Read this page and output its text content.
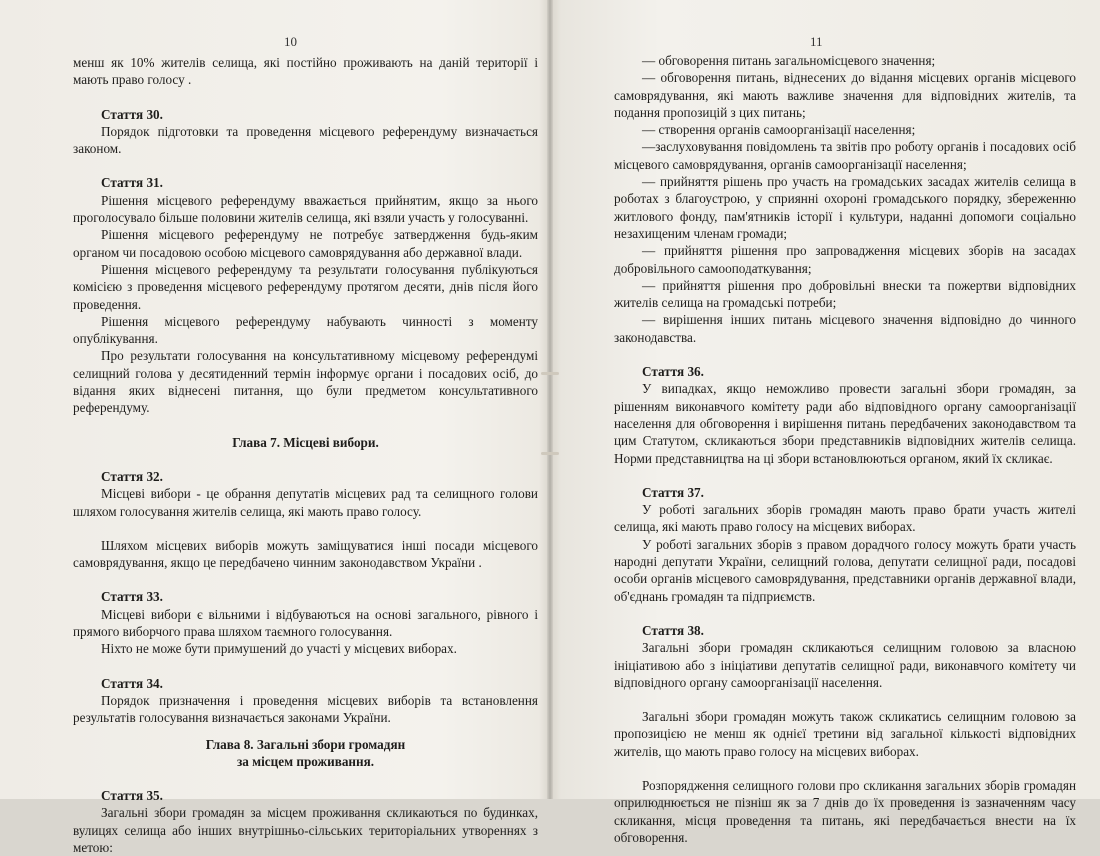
10

менш як 10% жителів селища, які постійно проживають на даній території і мають право голосу .

Стаття 30.

Порядок підготовки та проведення місцевого референдуму визначається законом.

Стаття 31.

Рішення місцевого референдуму вважається прийнятим, якщо за нього проголосувало більше половини жителів селища, які взяли участь у голосуванні.

Рішення місцевого референдуму не потребує затвердження будь-яким органом чи посадовою особою місцевого самоврядування або державної влади.

Рішення місцевого референдуму та результати голосування публікуються комісією з проведення місцевого референдуму протягом десяти, днів після його проведення.

Рішення місцевого референдуму набувають чинності з моменту опублікування.

Про результати голосування на консультативному місцевому референдумі селищний голова у десятиденний термін інформує органи і посадових осіб, до відання яких віднесені питання, що були предметом консультативного референдуму.

Глава 7. Місцеві вибори.

Стаття 32.

Місцеві вибори - це обрання депутатів місцевих рад та селищного голови шляхом голосування жителів селища, які мають право голосу.

Шляхом місцевих виборів можуть заміщуватися інші посади місцевого самоврядування, якщо це передбачено чинним законодавством України .

Стаття 33.

Місцеві вибори є вільними і відбуваються на основі загального, рівного і прямого виборчого права шляхом таємного голосування.

Ніхто не може бути примушений до участі у місцевих виборах.

Стаття 34.

Порядок призначення і проведення місцевих виборів та встановлення результатів голосування визначається законами України.

Глава 8. Загальні збори громадян

за місцем проживання.

Стаття 35.

Загальні збори громадян за місцем проживання скликаються по будинках, вулицях селища або інших внутрішньо-сільських територіальних утвореннях з метою:

11

— обговорення питань загальномісцевого значення;

— обговорення питань, віднесених до відання місцевих органів місцевого самоврядування, які мають важливе значення для відповідних жителів, та подання пропозицій з цих питань;

— створення органів самоорганізації населення;

—заслуховування повідомлень та звітів про роботу органів і посадових осіб місцевого самоврядування, органів самоорганізації населення;

— прийняття рішень про участь на громадських засадах жителів селища в роботах з благоустрою, у сприянні охороні громадського порядку, збереженню житлового фонду, пам'ятників історії і культури, наданні допомоги соціально незахищеним членам громади;

— прийняття рішення про запровадження місцевих зборів на засадах добровільного самооподаткування;

— прийняття рішення про добровільні внески та пожертви відповідних жителів селища на громадські потреби;

— вирішення інших питань місцевого значення відповідно до чинного законодавства.

Стаття 36.

У випадках, якщо неможливо провести загальні збори громадян, за рішенням виконавчого комітету ради або відповідного органу самоорганізації населення для обговорення і вирішення питань передбачених законодавством та цим Статутом, скликаються збори представників відповідних жителів селища. Норми представництва на ці збори встановлюються органом, який їх скликає.

Стаття 37.

У роботі загальних зборів громадян мають право брати участь жителі селища, які мають право голосу на місцевих виборах.

У роботі загальних зборів з правом дорадчого голосу можуть брати участь народні депутати України, селищний голова, депутати селищної ради, посадові особи органів місцевого самоврядування, представники органів державної влади, об'єднань громадян та підприємств.

Стаття 38.

Загальні збори громадян скликаються селищним головою за власною ініціативою або з ініціативи депутатів селищної ради, виконавчого комітету чи відповідного органу самоорганізації населення.

Загальні збори громадян можуть також скликатись селищним головою за пропозицією не менш як однієї третини від загальної кількості відповідних жителів, що мають право голосу на місцевих виборах.

Розпорядження селищного голови про скликання загальних зборів громадян оприлюднюється не пізніш як за 7 днів до їх проведення із зазначенням часу скликання, місця проведення та питань, які передбачається внести на їх обговорення.
